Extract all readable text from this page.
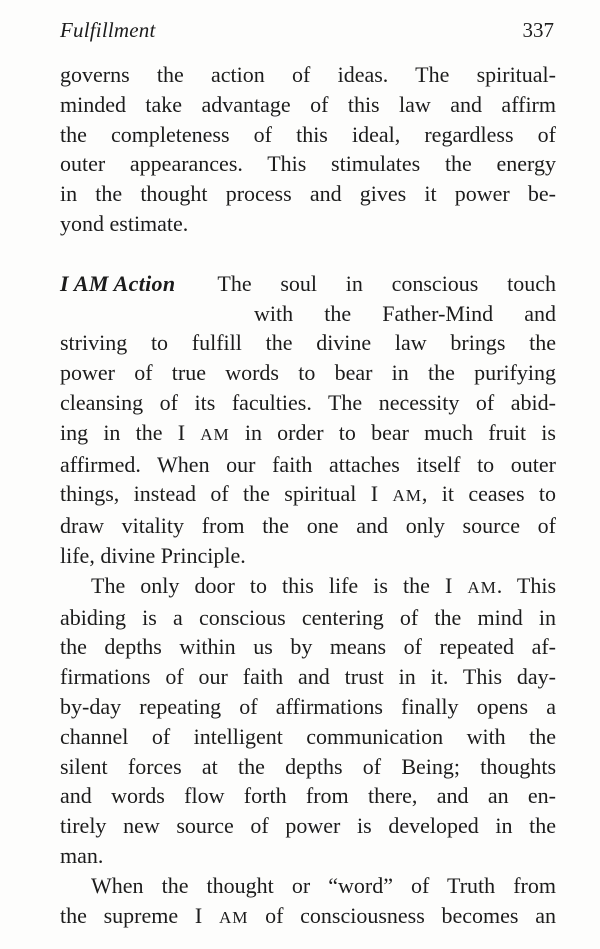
Fulfillment	337
governs the action of ideas. The spiritual-
minded take advantage of this law and affirm
the completeness of this ideal, regardless of
outer appearances. This stimulates the energy
in the thought process and gives it power be-
yond estimate.
I AM Action	The soul in conscious touch
with the Father-Mind and
striving to fulfill the divine law brings the
power of true words to bear in the purifying
cleansing of its faculties. The necessity of abid-
ing in the I AM in order to bear much fruit is
affirmed. When our faith attaches itself to outer
things, instead of the spiritual I AM, it ceases to
draw vitality from the one and only source of
life, divine Principle.
The only door to this life is the I AM. This
abiding is a conscious centering of the mind in
the depths within us by means of repeated af-
firmations of our faith and trust in it. This day-
by-day repeating of affirmations finally opens a
channel of intelligent communication with the
silent forces at the depths of Being; thoughts
and words flow forth from there, and an en-
tirely new source of power is developed in the
man.
When the thought or “word” of Truth from
the supreme I AM of consciousness becomes an
